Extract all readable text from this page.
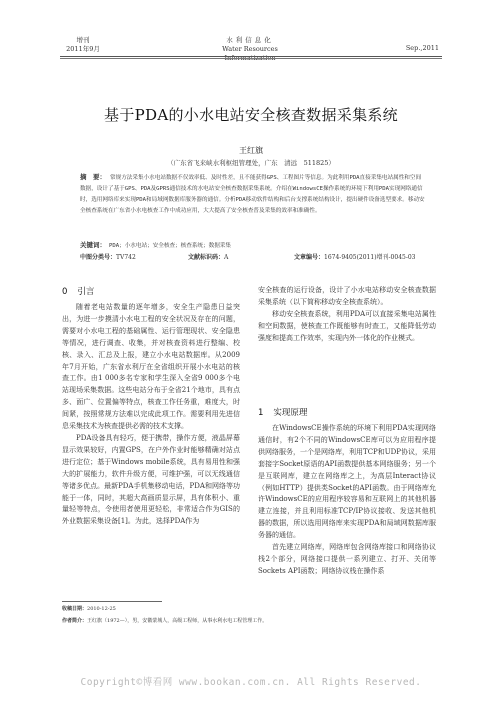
增刊
2011年9月
水利信息化
Water Resources Informatization
Sep.,2011
基于PDA的小水电站安全核查数据采集系统
王红旗
（广东省飞来峡水利枢纽管理处，广东　清远　511825）
摘　要： 常规方法采集小水电站数据不仅效率低、及时性差，且不能获得GPS、工程图片等信息。为此利用PDA直接采集电站属性和空间数据，设计了基于GPS、PDA及GPRS通信技术的水电站安全核查数据采集系统。介绍在WindowsCE操作系统的环境下利用PDA实现网络通信时，选用网络库来实现PDA和局域网数据库服务器的通信。分析PDA移动软件结构和后台支撑系统结构设计，提出硬件设备选型要求。移动安全核查系统在广东省小水电核查工作中成功应用，大大提高了安全核查普及采集的效率和准确性。
关键词： PDA；小水电站；安全核查；核查系统；数据采集
中图分类号：TV742	文献标识码：A	文章编号：1674-9405(2011)增刊-0045-03
0 引言

随着老电站数量的逐年增多，安全生产隐患日益突出，为进一步摸清小水电工程的安全状况及存在的问题，需要对小水电工程的基础属性、运行管理现状、安全隐患等情况，进行调查、收集，并对核查资料进行整编、校核、录入、汇总及上报，建立小水电站数据库。从2009年7月开始，广东省水利厅在全省组织开展小水电站的核查工作。由1 000多名专家和学生深入全省9 000多个电站现场采集数据。这些电站分布于全省21个地市，具有点多、面广、位置偏等特点，核查工作任务重，难度大，时间紧，按照常规方法难以完成此项工作。需要利用先进信息采集技术为核查提供必需的技术支撑。

PDA设备具有轻巧，便于携带，操作方便，液晶屏幕显示效果较好，内置GPS，在户外作业时能够精确对站点进行定位；基于Windows mobile系统，具有易用性和强大的扩展能力，软件升级方便，可维护强，可以无线通信等诸多优点。最新PDA手机集移动电话，PDA和网络等功能于一体，同时，其超大高画质显示屏，具有体积小、重量轻等特点，令使用者使用更轻松，非常适合作为GIS的外业数据采集设备[1]。为此，选择PDA作为

安全核查的运行设备，设计了小水电站移动安全核查数据采集系统（以下简称移动安全核查系统）。

移动安全核查系统，利用PDA可以直接采集电站属性和空间数据，使核查工作既能够有时查工，又能降低劳动强度和提高工作效率，实现内外一体化的作业模式。

1 实现原理

在WindowsCE操作系统的环境下利用PDA实现网络通信时，有2个不同的WindowsCE库可以为应用程序提供网络服务，一个是网络库，利用TCP和UDP协议，采用套接字Socket原语的API函数提供基本网络服务；另一个是互联网库，建立在网络库之上，为高层Interact协议（例如HTTP）提供类Socket的API函数。由于网络库允许WindowsCE的应用程序较容易和互联网上的其他机器建立连接，并且利用标准TCP/IP协议接收、发送其他机器的数据，所以选用网络库来实现PDA和局域网数据库服务器的通信。

首先建立网络库，网络库包含网络库接口和网络协议栈2个部分，网络接口提供一系列建立、打开、关闭等Sockets API函数；网络协议栈在操作系

收稿日期：2010-12-25
作者简介：王红旗（1972—），男，安徽蒙城人，高级工程师，从事水利水电工程管理工作。
Copyright©博看网 www.bookan.com.cn. All Rights Reserved.
